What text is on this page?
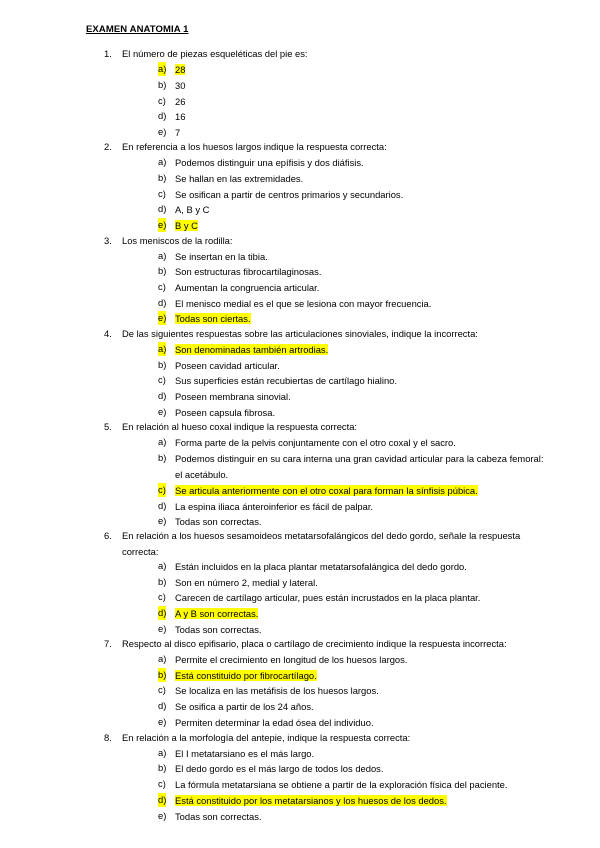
EXAMEN ANATOMIA 1
1. El número de piezas esqueléticas del pie es:
a) 28
b) 30
c) 26
d) 16
e) 7
2. En referencia a los huesos largos indique la respuesta correcta:
a) Podemos distinguir una epífisis y dos diáfisis.
b) Se hallan en las extremidades.
c) Se osifican a partir de centros primarios y secundarios.
d) A, B y C
e) B y C
3. Los meniscos de la rodilla:
a) Se insertan en la tibia.
b) Son estructuras fibrocartilaginosas.
c) Aumentan la congruencia articular.
d) El menisco medial es el que se lesiona con mayor frecuencia.
e) Todas son ciertas.
4. De las siguientes respuestas sobre las articulaciones sinoviales, indique la incorrecta:
a) Son denominadas también artrodias.
b) Poseen cavidad articular.
c) Sus superficies están recubiertas de cartílago hialino.
d) Poseen membrana sinovial.
e) Poseen capsula fibrosa.
5. En relación al hueso coxal indique la respuesta correcta:
a) Forma parte de la pelvis conjuntamente con el otro coxal y el sacro.
b) Podemos distinguir en su cara interna una gran cavidad articular para la cabeza femoral: el acetábulo.
c) Se articula anteriormente con el otro coxal para forman la sínfisis púbica.
d) La espina iliaca ánteroinferior es fácil de palpar.
e) Todas son correctas.
6. En relación a los huesos sesamoideos metatarsofalángicos del dedo gordo, señale la respuesta correcta:
a) Están incluidos en la placa plantar metatarsofalángica del dedo gordo.
b) Son en número 2, medial y lateral.
c) Carecen de cartílago articular, pues están incrustados en la placa plantar.
d) A y B son correctas.
e) Todas son correctas.
7. Respecto al disco epifisario, placa o cartílago de crecimiento indique la respuesta incorrecta:
a) Permite el crecimiento en longitud de los huesos largos.
b) Está constituido por fibrocartílago.
c) Se localiza en las metáfisis de los huesos largos.
d) Se osifica a partir de los 24 años.
e) Permiten determinar la edad ósea del individuo.
8. En relación a la morfología del antepie, indique la respuesta correcta:
a) El I metatarsiano es el más largo.
b) El dedo gordo es el más largo de todos los dedos.
c) La fórmula metatarsiana se obtiene a partir de la exploración física del paciente.
d) Está constituido por los metatarsianos y los huesos de los dedos.
e) Todas son correctas.
